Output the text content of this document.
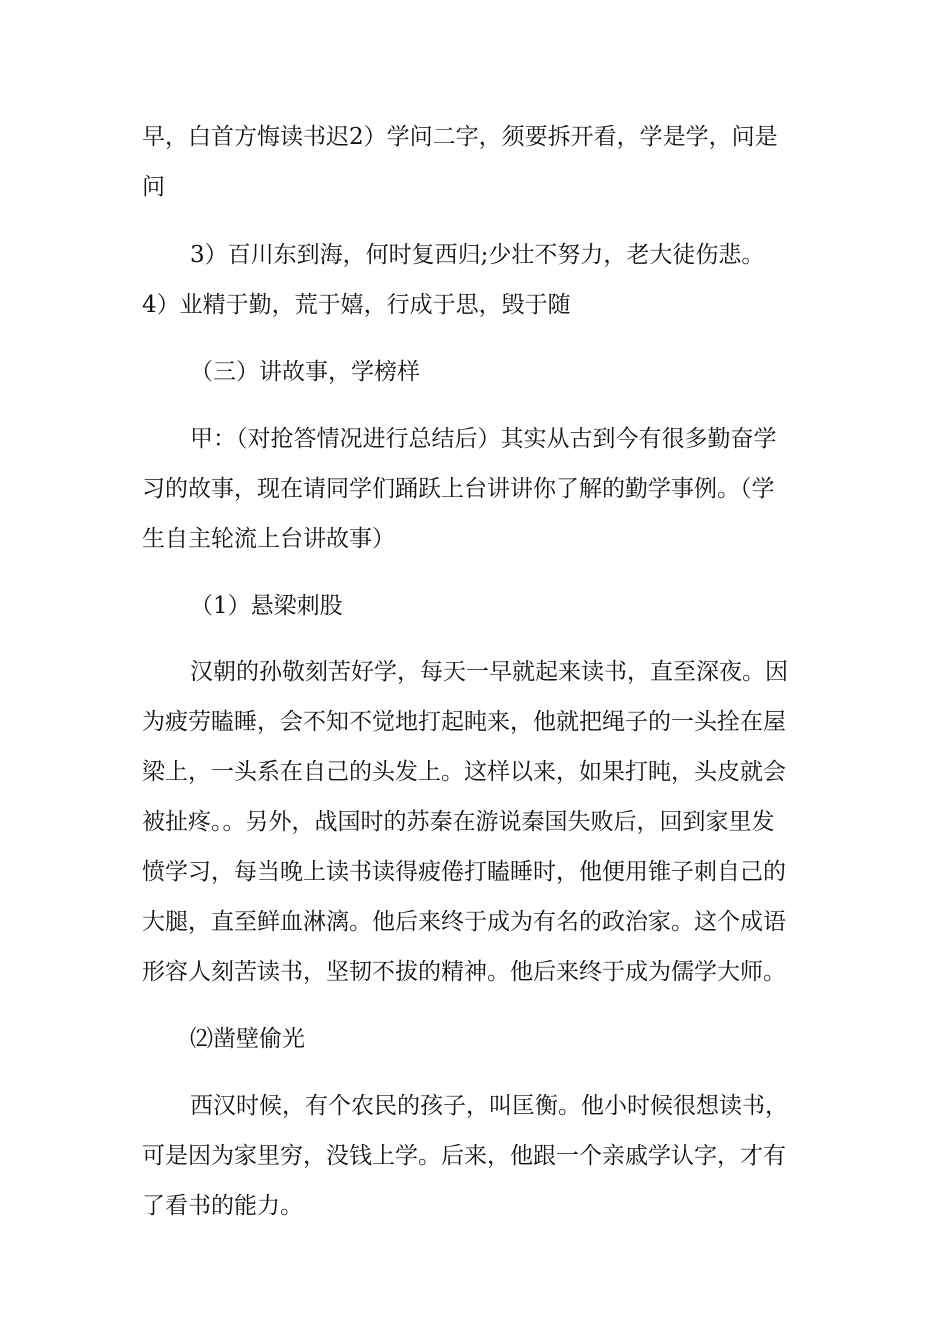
早，白首方悔读书迟2）学问二字，须要拆开看，学是学，问是
问
3）百川东到海，何时复西归;少壮不努力，老大徒伤悲。
4）业精于勤，荒于嬉，行成于思，毁于随
（三）讲故事，学榜样
甲：（对抢答情况进行总结后）其实从古到今有很多勤奋学
习的故事，现在请同学们踊跃上台讲讲你了解的勤学事例。（学
生自主轮流上台讲故事）
（1）悬梁刺股
汉朝的孙敬刻苦好学，每天一早就起来读书，直至深夜。因
为疲劳瞌睡，会不知不觉地打起盹来，他就把绳子的一头拴在屋
梁上，一头系在自己的头发上。这样以来，如果打盹，头皮就会
被扯疼。。另外，战国时的苏秦在游说秦国失败后，回到家里发
愤学习，每当晚上读书读得疲倦打瞌睡时，他便用锥子刺自己的
大腿，直至鲜血淋漓。他后来终于成为有名的政治家。这个成语
形容人刻苦读书，坚韧不拔的精神。他后来终于成为儒学大师。
⑵凿壁偷光
西汉时候，有个农民的孩子，叫匡衡。他小时候很想读书，
可是因为家里穷，没钱上学。后来，他跟一个亲戚学认字，才有
了看书的能力。
